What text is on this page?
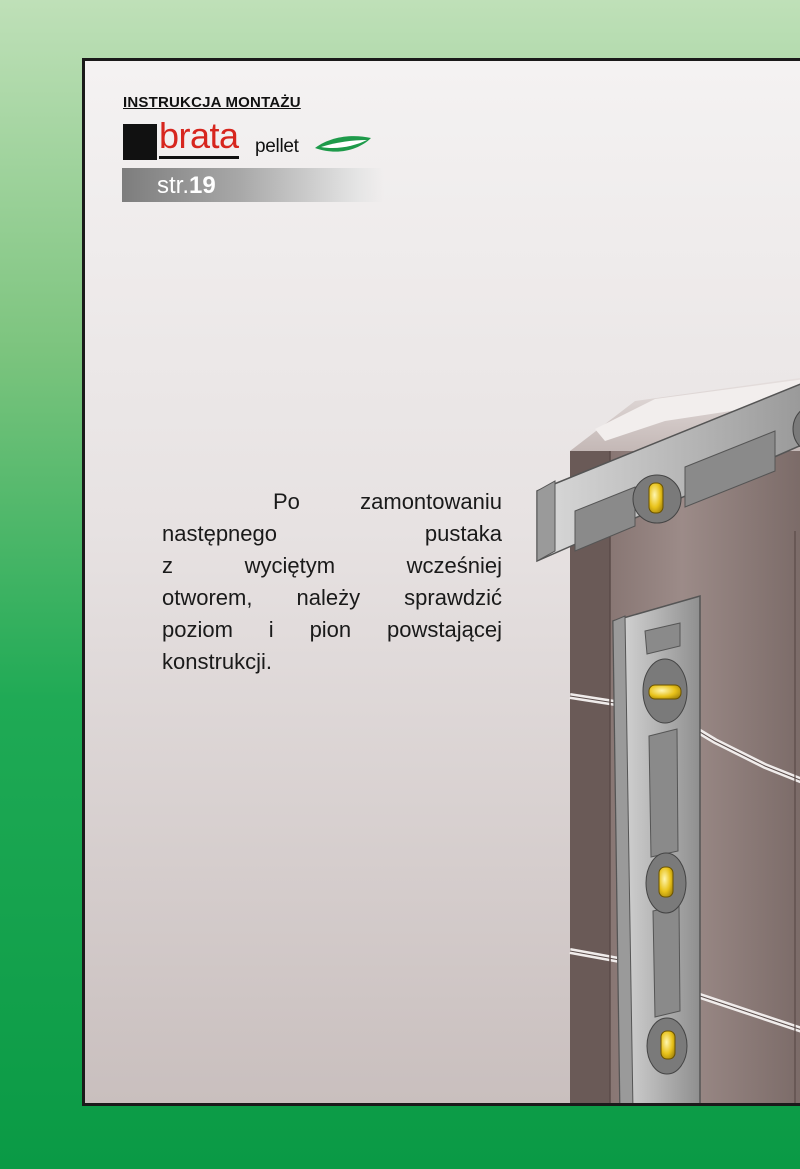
INSTRUKCJA MONTAŻU
brata pellet
str.19

Po zamontowaniu
następnego pustaka
z wyciętym wcześniej
otworem, należy sprawdzić
poziom i pion powstającej
konstrukcji.
